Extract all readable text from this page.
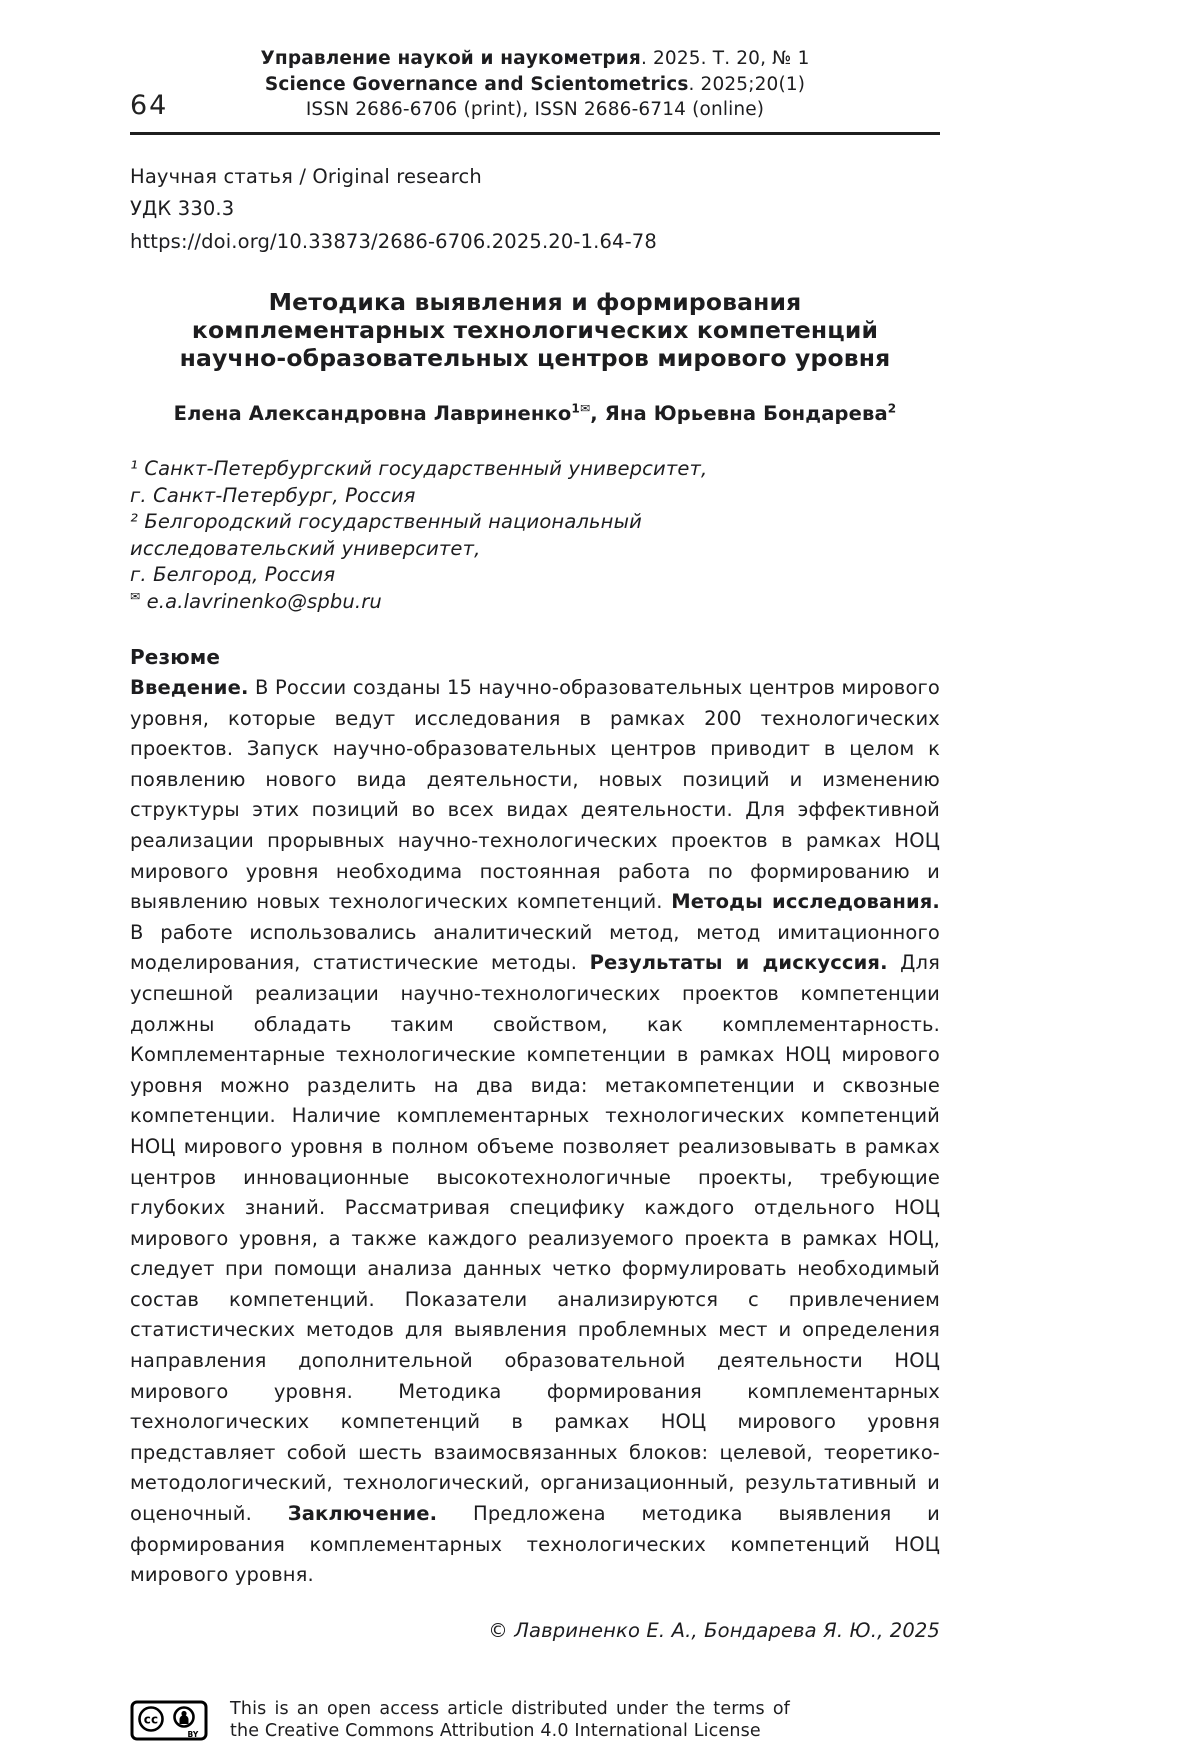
64
Управление наукой и наукометрия. 2025. Т. 20, № 1
Science Governance and Scientometrics. 2025;20(1)
ISSN 2686-6706 (print), ISSN 2686-6714 (online)
Научная статья / Original research
УДК 330.3
https://doi.org/10.33873/2686-6706.2025.20-1.64-78
Методика выявления и формирования
комплементарных технологических компетенций
научно-образовательных центров мирового уровня
Елена Александровна Лавриненко$^{1✉}$, Яна Юрьевна Бондарева$^2$
¹ Санкт-Петербургский государственный университет,
г. Санкт-Петербург, Россия
² Белгородский государственный национальный
исследовательский университет,
г. Белгород, Россия
✉ e.a.lavrinenko@spbu.ru
Резюме

Введение. В России созданы 15 научно-образовательных центров мирового уровня, которые ведут исследования в рамках 200 технологических проектов. Запуск научно-образовательных центров приводит в целом к появлению нового вида деятельности, новых позиций и изменению структуры этих позиций во всех видах деятельности. Для эффективной реализации прорывных научно-технологических проектов в рамках НОЦ мирового уровня необходима постоянная работа по формированию и выявлению новых технологических компетенций. Методы исследования. В работе использовались аналитический метод, метод имитационного моделирования, статистические методы. Результаты и дискуссия. Для успешной реализации научно-технологических проектов компетенции должны обладать таким свойством, как комплементарность. Комплементарные технологические компетенции в рамках НОЦ мирового уровня можно разделить на два вида: метакомпетенции и сквозные компетенции. Наличие комплементарных технологических компетенций НОЦ мирового уровня в полном объеме позволяет реализовывать в рамках центров инновационные высокотехнологичные проекты, требующие глубоких знаний. Рассматривая специфику каждого отдельного НОЦ мирового уровня, а также каждого реализуемого проекта в рамках НОЦ, следует при помощи анализа данных четко формулировать необходимый состав компетенций. Показатели анализируются с привлечением статистических методов для выявления проблемных мест и определения направления дополнительной образовательной деятельности НОЦ мирового уровня. Методика формирования комплементарных технологических компетенций в рамках НОЦ мирового уровня представляет собой шесть взаимосвязанных блоков: целевой, теоретико-методологический, технологический, организационный, результативный и оценочный. Заключение. Предложена методика выявления и формирования комплементарных технологических компетенций НОЦ мирового уровня.

© Лавриненко Е. А., Бондарева Я. Ю., 2025
cc
BY

This is an open access article distributed under the terms of the Creative Commons Attribution 4.0 International License
